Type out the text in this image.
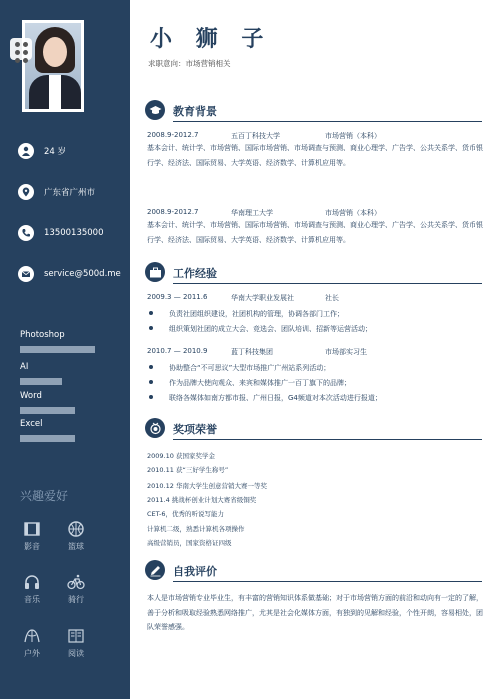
24 岁
广东省广州市
13500135000
service@500d.me
Photoshop
AI
Word
Excel
兴趣爱好
影音	篮球
音乐	骑行
户外	阅读
小 狮 子
求职意向：市场营销相关
教育背景
2008.9-2012.7	五百丁科技大学	市场营销（本科）
基本会计、统计学、市场营销、国际市场营销、市场调查与预测、商业心理学、广告学、公共关系学、货币银行学、经济法、国际贸易、大学英语、经济数学、计算机应用等。
2008.9-2012.7	华南理工大学	市场营销（本科）
基本会计、统计学、市场营销、国际市场营销、市场调查与预测、商业心理学、广告学、公共关系学、货币银行学、经济法、国际贸易、大学英语、经济数学、计算机应用等。
工作经验
2009.3 — 2011.6	华南大学职业发展社	社长
负责社团组织建设，社团机构的管理，协调各部门工作；
组织策划社团的成立大会、竞选会、团队培训、招新等运营活动；
2010.7 — 2010.9	蓝丁科技集团	市场部实习生
协助整合“不可思议”大型市场推广广州站系列活动；
作为品牌大使向观众、来宾和媒体推广一百丁旗下的品牌；
联络各媒体如南方都市报、广州日报，G4频道对本次活动进行报道；
奖项荣誉
2009.10 获国家奖学金
2010.11 获“三好学生称号”
2010.12 华南大学生创意营销大赛一等奖
2011.4 挑战杯创业计划大赛省级铜奖
CET-6，优秀的听说写能力
计算机二级，熟悉计算机各项操作
高级营销员，国家资格证四级
自我评价
本人是市场营销专业毕业生，有丰富的营销知识体系做基础；对于市场营销方面的前沿和动向有一定的了解，善于分析和吸取经验熟悉网络推广，尤其是社会化媒体方面，有独到的见解和经验，个性开朗，容易相处，团队荣誉感强。
